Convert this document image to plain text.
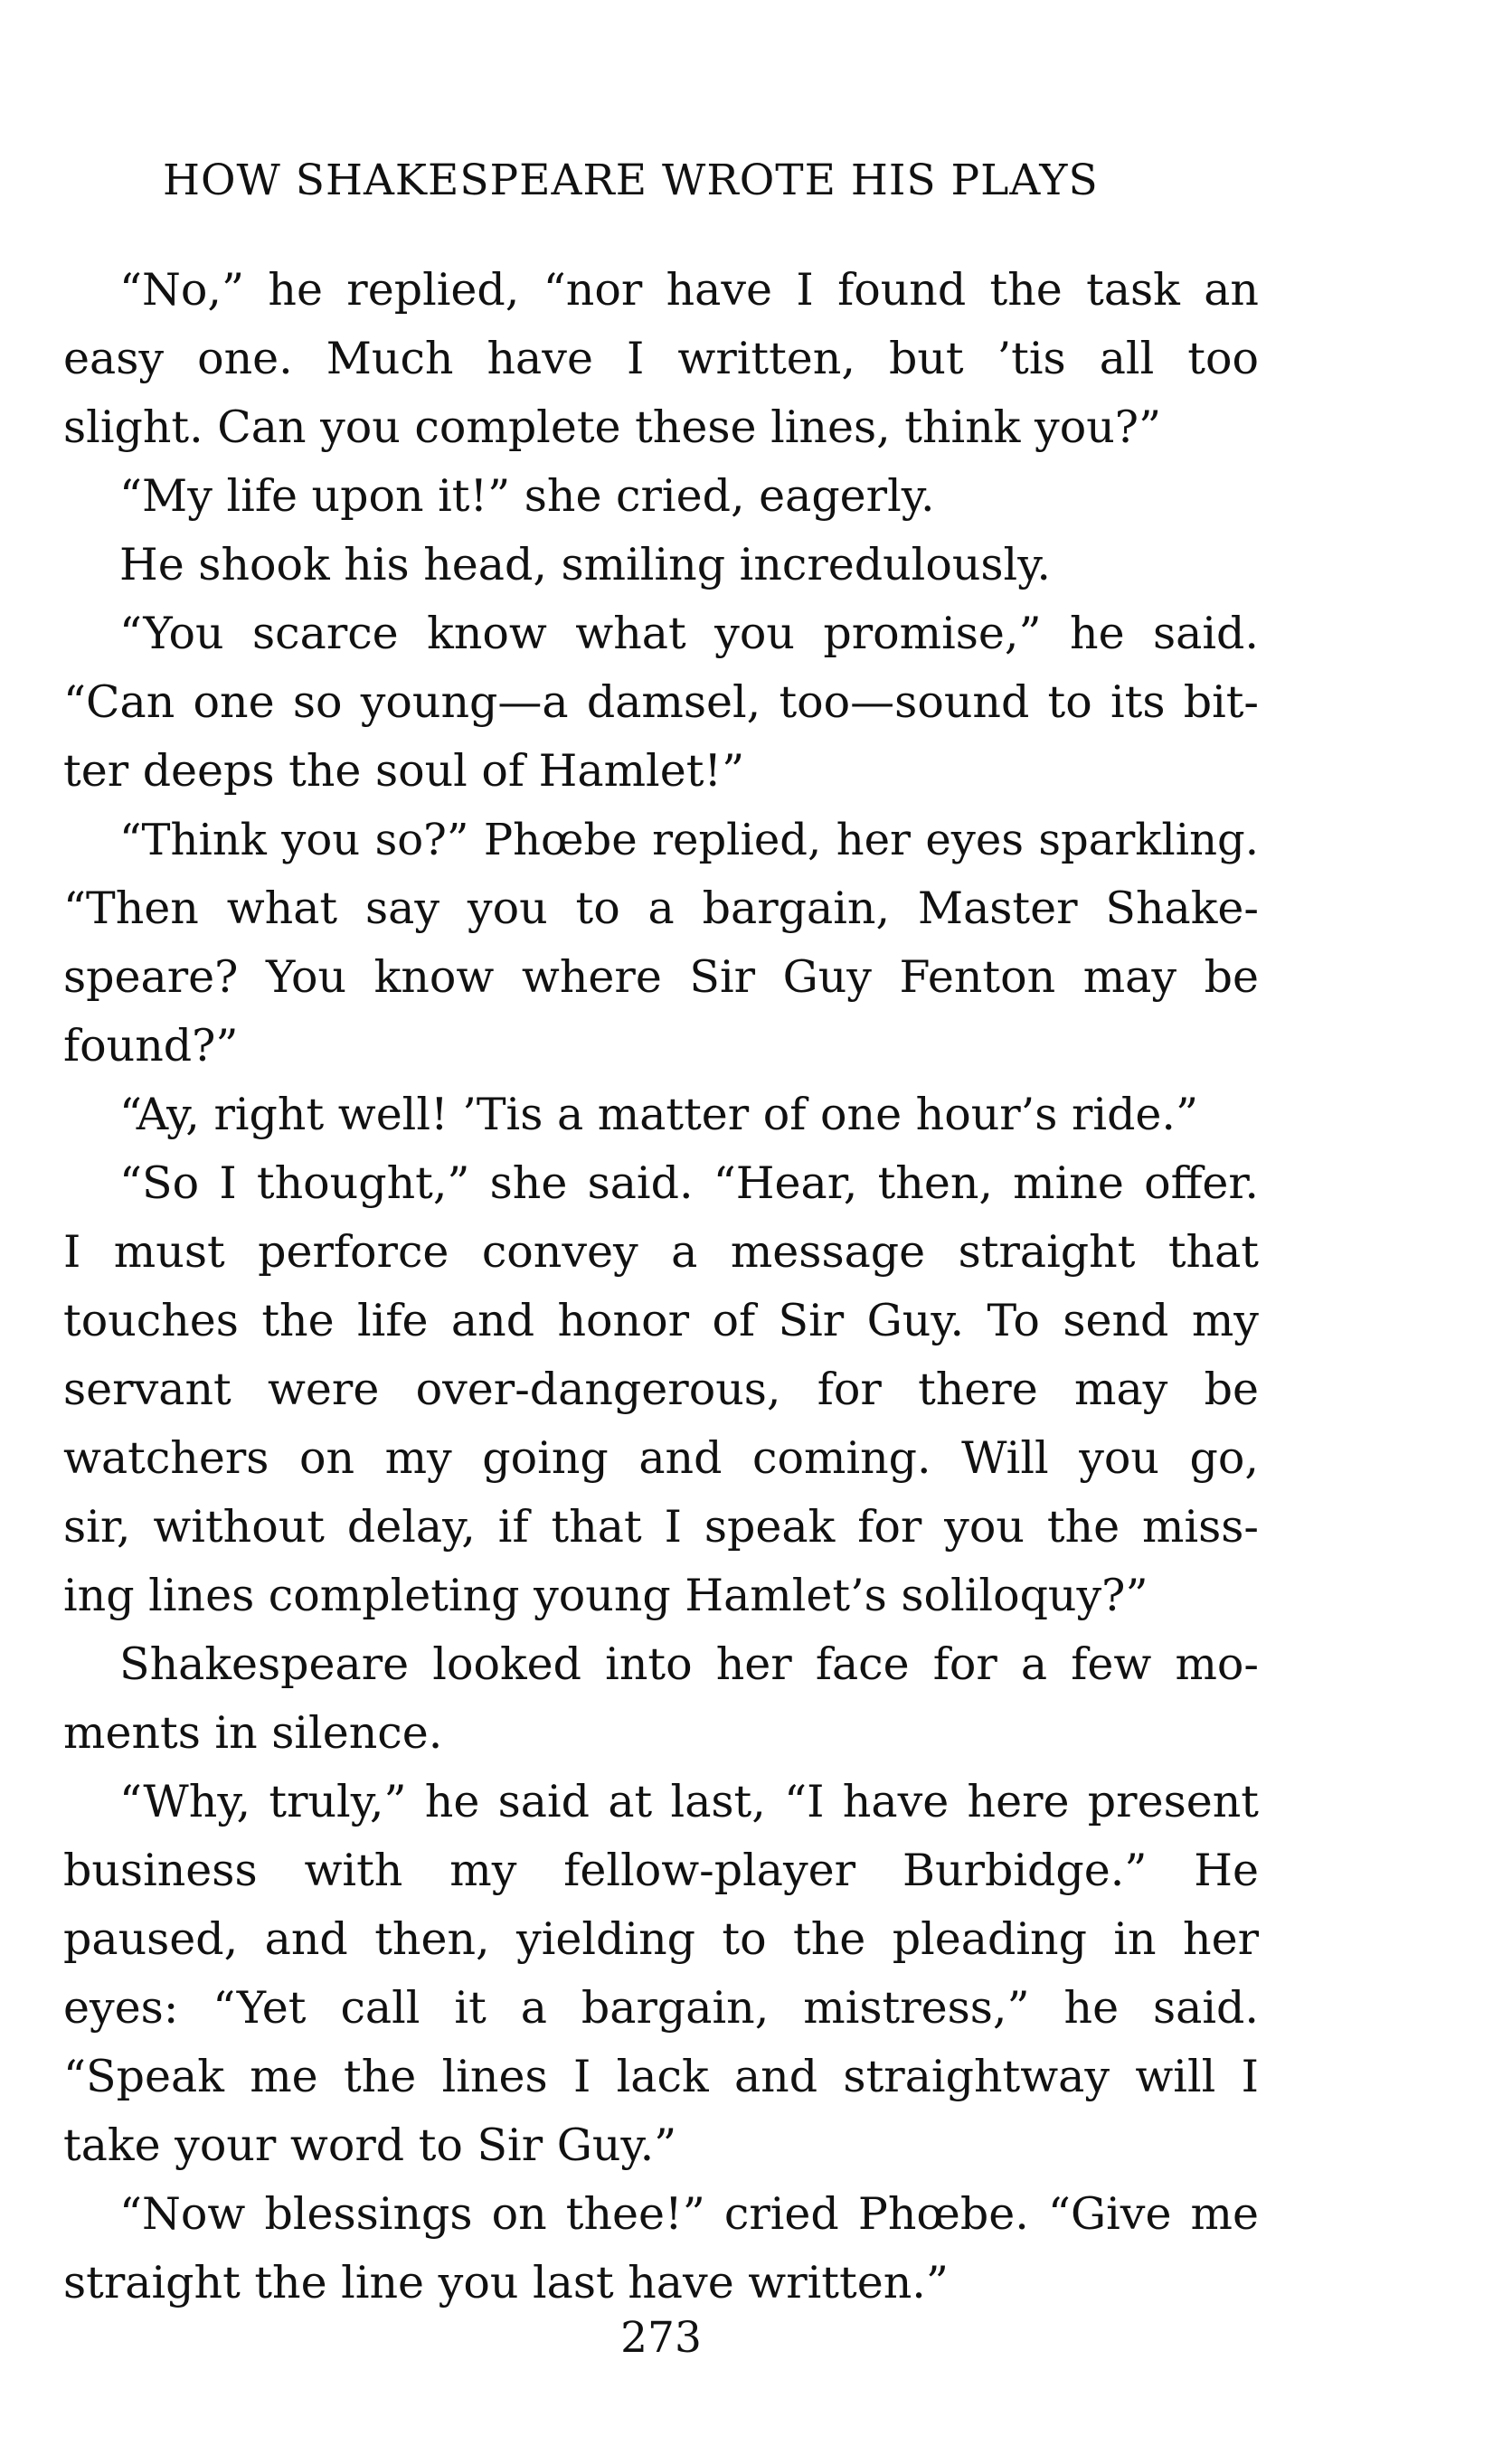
HOW SHAKESPEARE WROTE HIS PLAYS
“No,” he replied, “nor have I found the task an
easy one. Much have I written, but ’tis all too
slight. Can you complete these lines, think you?”
“My life upon it!” she cried, eagerly.
He shook his head, smiling incredulously.
“You scarce know what you promise,” he said.
“Can one so young—a damsel, too—sound to its bit-
ter deeps the soul of Hamlet!”
“Think you so?” Phœbe replied, her eyes sparkling.
“Then what say you to a bargain, Master Shake-
speare? You know where Sir Guy Fenton may be
found?”
“Ay, right well! ’Tis a matter of one hour’s ride.”
“So I thought,” she said. “Hear, then, mine offer.
I must perforce convey a message straight that
touches the life and honor of Sir Guy. To send my
servant were over-dangerous, for there may be
watchers on my going and coming. Will you go,
sir, without delay, if that I speak for you the miss-
ing lines completing young Hamlet’s soliloquy?”
Shakespeare looked into her face for a few mo-
ments in silence.
“Why, truly,” he said at last, “I have here present
business with my fellow-player Burbidge.” He
paused, and then, yielding to the pleading in her
eyes: “Yet call it a bargain, mistress,” he said.
“Speak me the lines I lack and straightway will I
take your word to Sir Guy.”
“Now blessings on thee!” cried Phœbe. “Give me
straight the line you last have written.”
273
